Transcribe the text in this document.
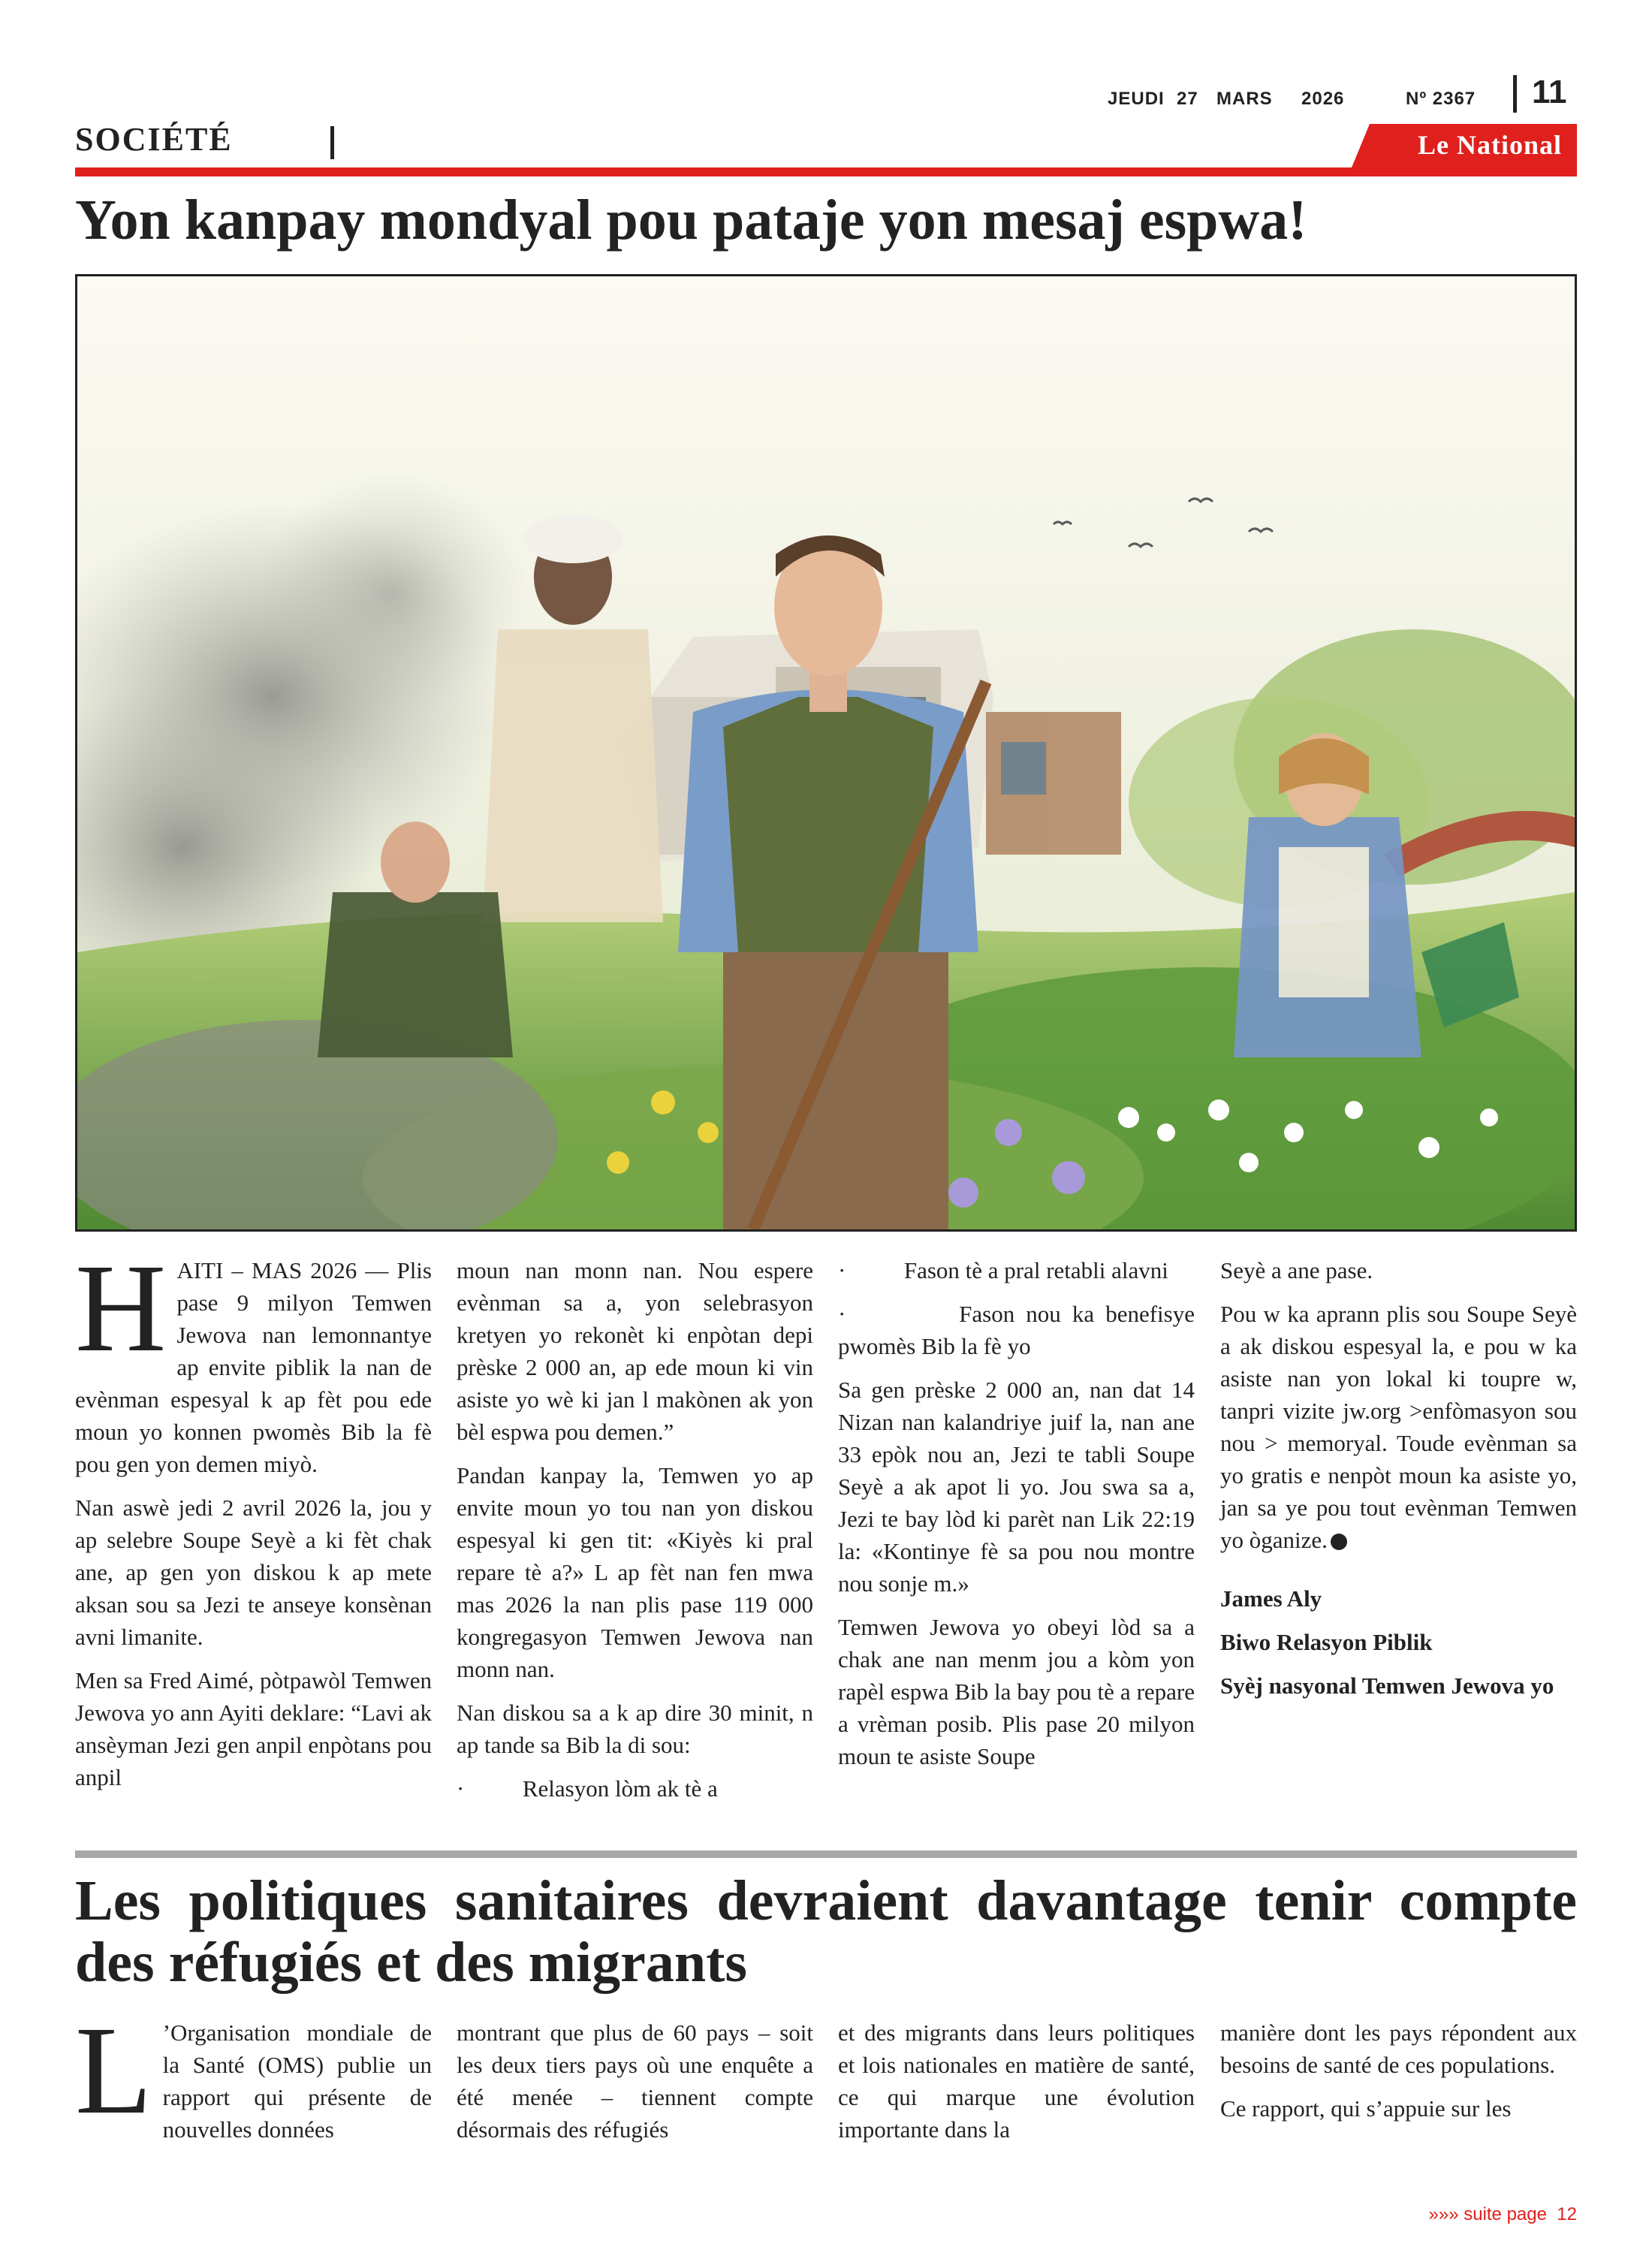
JEUDI 27 MARS 2026	Nº 2367 11
SOCIÉTÉ	Le National
Yon kanpay mondyal pou pataje yon mesaj espwa!

HAITI – MAS 2026 — Plis pase 9 milyon Temwen Jewova nan lemonnantye ap envite piblik la nan de evènman espesyal k ap fèt pou ede moun yo konnen pwomès Bib la fè pou gen yon demen miyò.

Nan aswè jedi 2 avril 2026 la, jou y ap selebre Soupe Seyè a ki fèt chak ane, ap gen yon diskou k ap mete aksan sou sa Jezi te anseye konsènan avni limanite.

Men sa Fred Aimé, pòtpawòl Temwen Jewova yo ann Ayiti deklare: “Lavi ak ansèyman Jezi gen anpil enpòtans pou anpil

moun nan monn nan. Nou espere evènman sa a, yon selebrasyon kretyen yo rekonèt ki enpòtan depi prèske 2 000 an, ap ede moun ki vin asiste yo wè ki jan l makònen ak yon bèl espwa pou demen.”

Pandan kanpay la, Temwen yo ap envite moun yo tou nan yon diskou espesyal ki gen tit: «Kiyès ki pral repare tè a?» L ap fèt nan fen mwa mas 2026 la nan plis pase 119 000 kongregasyon Temwen Jewova nan monn nan.

Nan diskou sa a k ap dire 30 minit, n ap tande sa Bib la di sou:

·          Relasyon lòm ak tè a

·          Fason tè a pral retabli alavni

·          Fason nou ka benefisye pwomès Bib la fè yo

Sa gen prèske 2 000 an, nan dat 14 Nizan nan kalandriye juif la, nan ane 33 epòk nou an, Jezi te tabli Soupe Seyè a ak apot li yo. Jou swa sa a, Jezi te bay lòd ki parèt nan Lik 22:19 la: «Kontinye fè sa pou nou montre nou sonje m.»

Temwen Jewova yo obeyi lòd sa a chak ane nan menm jou a kòm yon rapèl espwa Bib la bay pou tè a repare a vrèman posib. Plis pase 20 milyon moun te asiste Soupe

Seyè a ane pase.

Pou w ka aprann plis sou Soupe Seyè a ak diskou espesyal la, e pou w ka asiste nan yon lokal ki toupre w, tanpri vizite jw.org >enfòmasyon sou nou > memoryal. Toude evènman sa yo gratis e nenpòt moun ka asiste yo, jan sa ye pou tout evènman Temwen yo òganize.

James Aly

Biwo Relasyon Piblik

Syèj nasyonal Temwen Jewova yo

Les politiques sanitaires devraient davantage tenir compte des réfugiés et des migrants

L ’Organisation mondiale de la Santé (OMS) publie un rapport qui présente de nouvelles données

montrant que plus de 60 pays – soit les deux tiers pays où une enquête a été menée – tiennent compte désormais des réfugiés

et des migrants dans leurs politiques et lois nationales en matière de santé, ce qui marque une évolution importante dans la

manière dont les pays répondent aux besoins de santé de ces populations.

Ce rapport, qui s’appuie sur les

»»» suite page  12
